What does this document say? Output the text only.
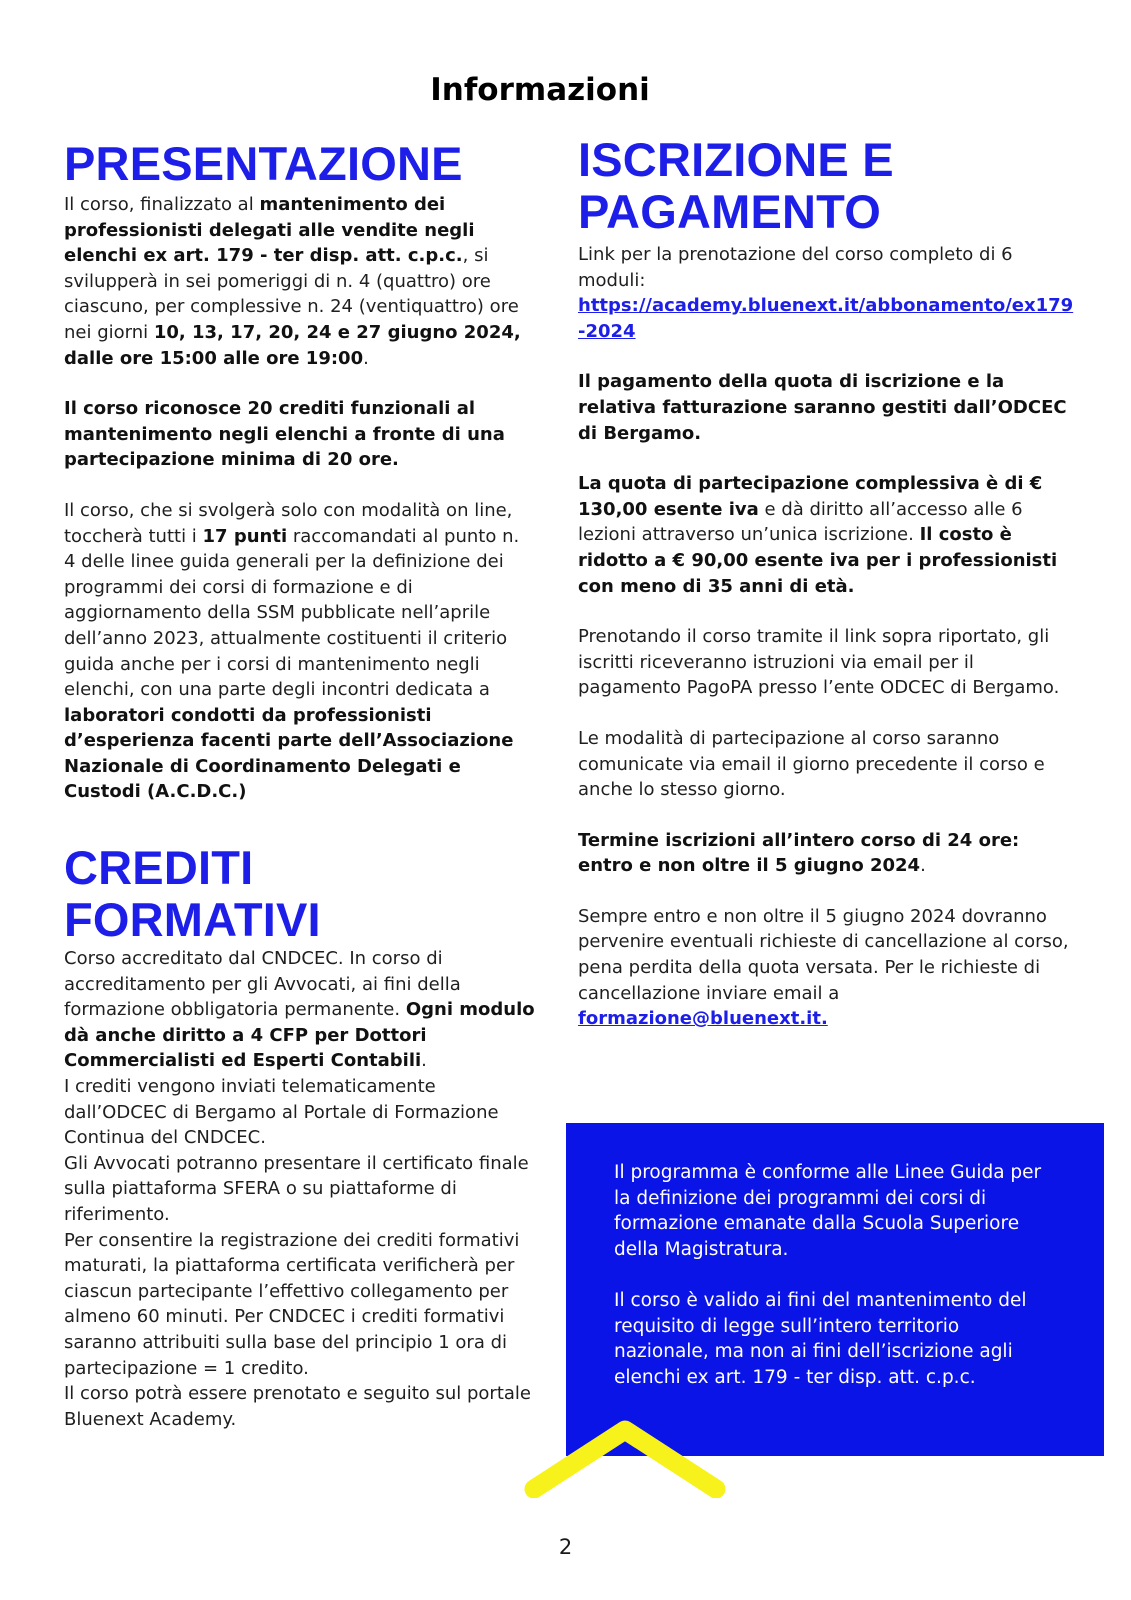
Informazioni
PRESENTAZIONE

Il corso, finalizzato al mantenimento dei professionisti delegati alle vendite negli elenchi ex art. 179 - ter disp. att. c.p.c., si svilupperà in sei pomeriggi di n. 4 (quattro) ore ciascuno, per complessive n. 24 (ventiquattro) ore nei giorni 10, 13, 17, 20, 24 e 27 giugno 2024, dalle ore 15:00 alle ore 19:00.

Il corso riconosce 20 crediti funzionali al mantenimento negli elenchi a fronte di una partecipazione minima di 20 ore.

Il corso, che si svolgerà solo con modalità on line, toccherà tutti i 17 punti raccomandati al punto n. 4 delle linee guida generali per la definizione dei programmi dei corsi di formazione e di aggiornamento della SSM pubblicate nell’aprile dell’anno 2023, attualmente costituenti il criterio guida anche per i corsi di mantenimento negli elenchi, con una parte degli incontri dedicata a laboratori condotti da professionisti d’esperienza facenti parte dell’Associazione Nazionale di Coordinamento Delegati e Custodi (A.C.D.C.)

CREDITI
FORMATIVI

Corso accreditato dal CNDCEC. In corso di accreditamento per gli Avvocati, ai fini della formazione obbligatoria permanente. Ogni modulo dà anche diritto a 4 CFP per Dottori Commercialisti ed Esperti Contabili.

I crediti vengono inviati telematicamente dall’ODCEC di Bergamo al Portale di Formazione Continua del CNDCEC.

Gli Avvocati potranno presentare il certificato finale sulla piattaforma SFERA o su piattaforme di riferimento.

Per consentire la registrazione dei crediti formativi maturati, la piattaforma certificata verificherà per ciascun partecipante l’effettivo collegamento per almeno 60 minuti. Per CNDCEC i crediti formativi saranno attribuiti sulla base del principio 1 ora di partecipazione = 1 credito.

Il corso potrà essere prenotato e seguito sul portale Bluenext Academy.

ISCRIZIONE E
PAGAMENTO

Link per la prenotazione del corso completo di 6 moduli:
https://academy.bluenext.it/abbonamento/ex179-2024

Il pagamento della quota di iscrizione e la relativa fatturazione saranno gestiti dall’ODCEC di Bergamo.

La quota di partecipazione complessiva è di € 130,00 esente iva e dà diritto all’accesso alle 6 lezioni attraverso un’unica iscrizione. Il costo è ridotto a € 90,00 esente iva per i professionisti con meno di 35 anni di età.

Prenotando il corso tramite il link sopra riportato, gli iscritti riceveranno istruzioni via email per il pagamento PagoPA presso l’ente ODCEC di Bergamo.

Le modalità di partecipazione al corso saranno comunicate via email il giorno precedente il corso e anche lo stesso giorno.

Termine iscrizioni all’intero corso di 24 ore: entro e non oltre il 5 giugno 2024.

Sempre entro e non oltre il 5 giugno 2024 dovranno pervenire eventuali richieste di cancellazione al corso, pena perdita della quota versata. Per le richieste di cancellazione inviare email a formazione@bluenext.it.

Il programma è conforme alle Linee Guida per la definizione dei programmi dei corsi di formazione emanate dalla Scuola Superiore della Magistratura.

Il corso è valido ai fini del mantenimento del requisito di legge sull’intero territorio nazionale, ma non ai fini dell’iscrizione agli elenchi ex art. 179 - ter disp. att. c.p.c.

2
